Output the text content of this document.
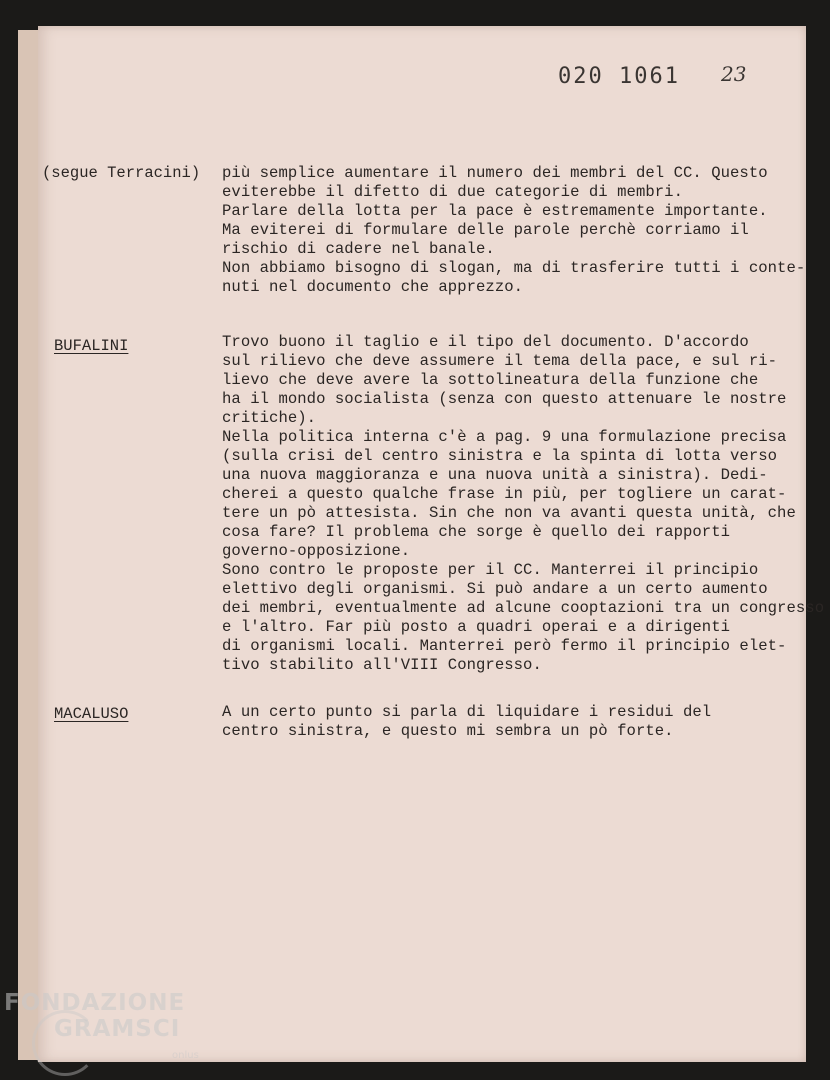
020 1061 23

(segue Terracini) più semplice aumentare il numero dei membri del CC. Questo
eviterebbe il difetto di due categorie di membri.
Parlare della lotta per la pace è estremamente importante.
Ma eviterei di formulare delle parole perchè corriamo il
rischio di cadere nel banale.
Non abbiamo bisogno di slogan, ma di trasferire tutti i conte-
nuti nel documento che apprezzo.
BUFALINI	Trovo buono il taglio e il tipo del documento. D'accordo
sul rilievo che deve assumere il tema della pace, e sul ri-
lievo che deve avere la sottolineatura della funzione che
ha il mondo socialista (senza con questo attenuare le nostre
critiche).
Nella politica interna c'è a pag. 9 una formulazione precisa
(sulla crisi del centro sinistra e la spinta di lotta verso
una nuova maggioranza e una nuova unità a sinistra). Dedi-
cherei a questo qualche frase in più, per togliere un carat-
tere un pò attesista. Sin che non va avanti questa unità, che
cosa fare? Il problema che sorge è quello dei rapporti
governo-opposizione.
Sono contro le proposte per il CC. Manterrei il principio
elettivo degli organismi. Si può andare a un certo aumento
dei membri, eventualmente ad alcune cooptazioni tra un congresso
e l'altro. Far più posto a quadri operai e a dirigenti
di organismi locali. Manterrei però fermo il principio elet-
tivo stabilito all'VIII Congresso.
MACALUSO	A un certo punto si parla di liquidare i residui del
centro sinistra, e questo mi sembra un pò forte.
FONDAZIONE
GRAMSCI
onlus
